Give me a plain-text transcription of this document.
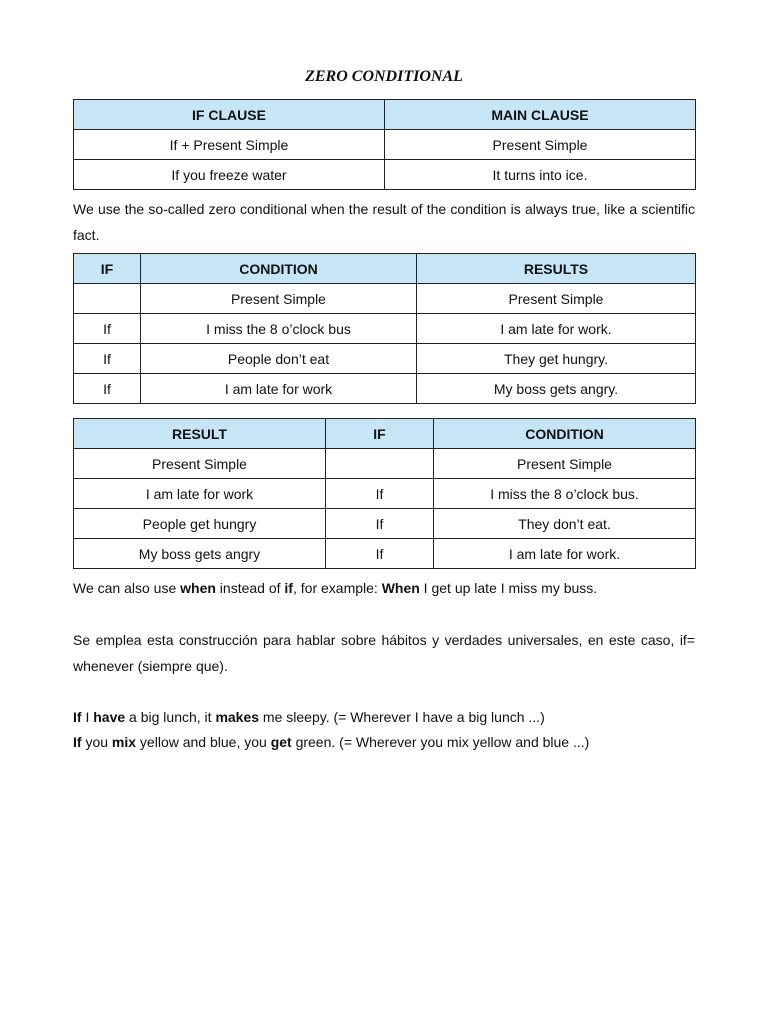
ZERO CONDITIONAL
IF CLAUSE	MAIN CLAUSE
If + Present Simple	Present Simple
If you freeze water	It turns into ice.
We use the so-called zero conditional when the result of the condition is always true, like a scientific fact.
IF	CONDITION	RESULTS
	Present Simple	Present Simple
If	I miss the 8 o’clock bus	I am late for work.
If	People don’t eat	They get hungry.
If	I am late for work	My boss gets angry.
RESULT	IF	CONDITION
Present Simple		Present Simple
I am late for work	If	I miss the 8 o’clock bus.
People get hungry	If	They don’t eat.
My boss gets angry	If	I am late for work.
We can also use when instead of if, for example: When I get up late I miss my buss.
Se emplea esta construcción para hablar sobre hábitos y verdades universales, en este caso, if= whenever (siempre que).
If I have a big lunch, it makes me sleepy. (= Wherever I have a big lunch ...)
If you mix yellow and blue, you get green. (= Wherever you mix yellow and blue ...)
